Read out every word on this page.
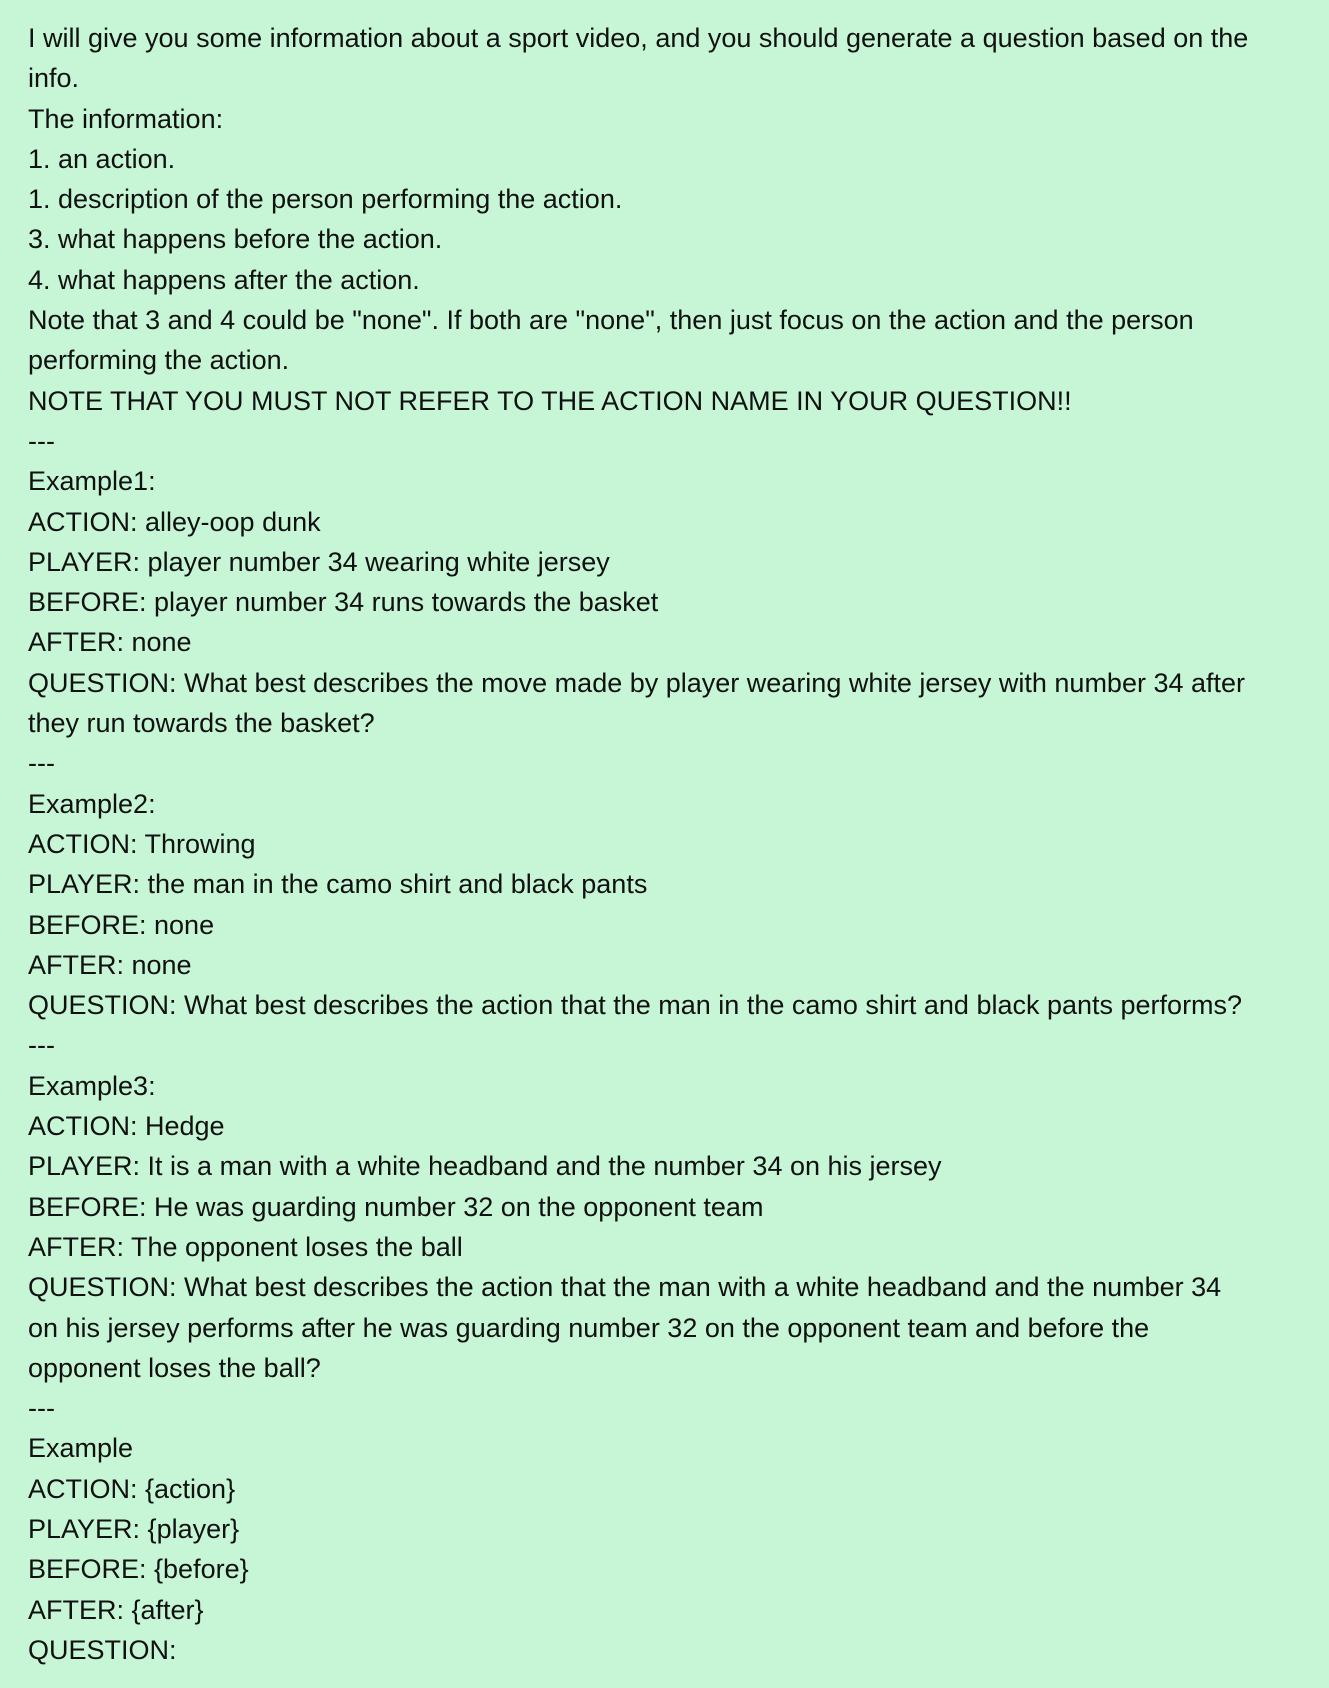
I will give you some information about a sport video, and you should generate a question based on the
info.
The information:
1. an action.
1. description of the person performing the action.
3. what happens before the action.
4. what happens after the action.
Note that 3 and 4 could be "none". If both are "none", then just focus on the action and the person
performing the action.
NOTE THAT YOU MUST NOT REFER TO THE ACTION NAME IN YOUR QUESTION!!
---
Example1:
ACTION: alley-oop dunk
PLAYER: player number 34 wearing white jersey
BEFORE: player number 34 runs towards the basket
AFTER: none
QUESTION: What best describes the move made by player wearing white jersey with number 34 after
they run towards the basket?
---
Example2:
ACTION: Throwing
PLAYER: the man in the camo shirt and black pants
BEFORE: none
AFTER: none
QUESTION: What best describes the action that the man in the camo shirt and black pants performs?
---
Example3:
ACTION: Hedge
PLAYER: It is a man with a white headband and the number 34 on his jersey
BEFORE: He was guarding number 32 on the opponent team
AFTER: The opponent loses the ball
QUESTION: What best describes the action that the man with a white headband and the number 34
on his jersey performs after he was guarding number 32 on the opponent team and before the
opponent loses the ball?
---
Example
ACTION: {action}
PLAYER: {player}
BEFORE: {before}
AFTER: {after}
QUESTION:
